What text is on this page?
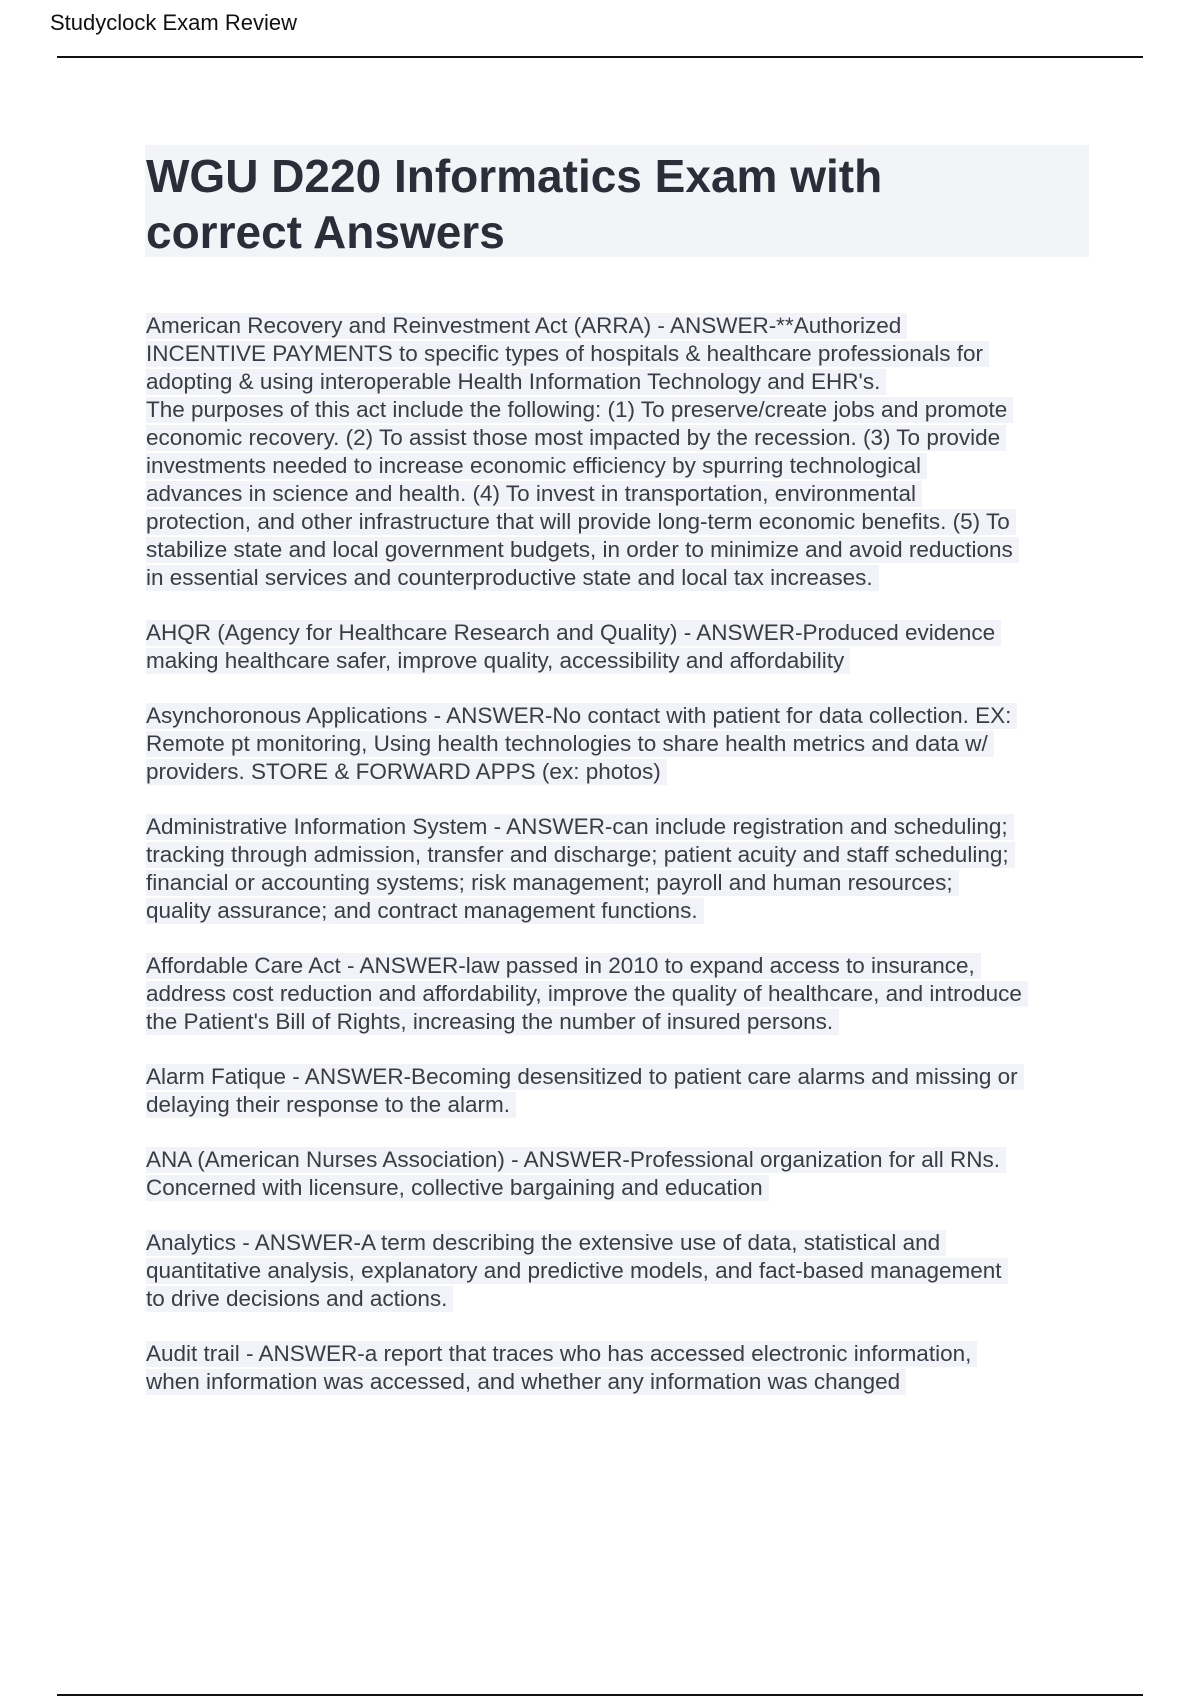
Studyclock Exam Review
WGU D220 Informatics Exam with
correct Answers

American Recovery and Reinvestment Act (ARRA) - ANSWER-**Authorized
INCENTIVE PAYMENTS to specific types of hospitals & healthcare professionals for
adopting & using interoperable Health Information Technology and EHR's.
The purposes of this act include the following: (1) To preserve/create jobs and promote
economic recovery. (2) To assist those most impacted by the recession. (3) To provide
investments needed to increase economic efficiency by spurring technological
advances in science and health. (4) To invest in transportation, environmental
protection, and other infrastructure that will provide long-term economic benefits. (5) To
stabilize state and local government budgets, in order to minimize and avoid reductions
in essential services and counterproductive state and local tax increases.

AHQR (Agency for Healthcare Research and Quality) - ANSWER-Produced evidence
making healthcare safer, improve quality, accessibility and affordability

Asynchoronous Applications - ANSWER-No contact with patient for data collection. EX:
Remote pt monitoring, Using health technologies to share health metrics and data w/
providers. STORE & FORWARD APPS (ex: photos)

Administrative Information System - ANSWER-can include registration and scheduling;
tracking through admission, transfer and discharge; patient acuity and staff scheduling;
financial or accounting systems; risk management; payroll and human resources;
quality assurance; and contract management functions.

Affordable Care Act - ANSWER-law passed in 2010 to expand access to insurance,
address cost reduction and affordability, improve the quality of healthcare, and introduce
the Patient's Bill of Rights, increasing the number of insured persons.

Alarm Fatique - ANSWER-Becoming desensitized to patient care alarms and missing or
delaying their response to the alarm.

ANA (American Nurses Association) - ANSWER-Professional organization for all RNs.
Concerned with licensure, collective bargaining and education

Analytics - ANSWER-A term describing the extensive use of data, statistical and
quantitative analysis, explanatory and predictive models, and fact-based management
to drive decisions and actions.

Audit trail - ANSWER-a report that traces who has accessed electronic information,
when information was accessed, and whether any information was changed
